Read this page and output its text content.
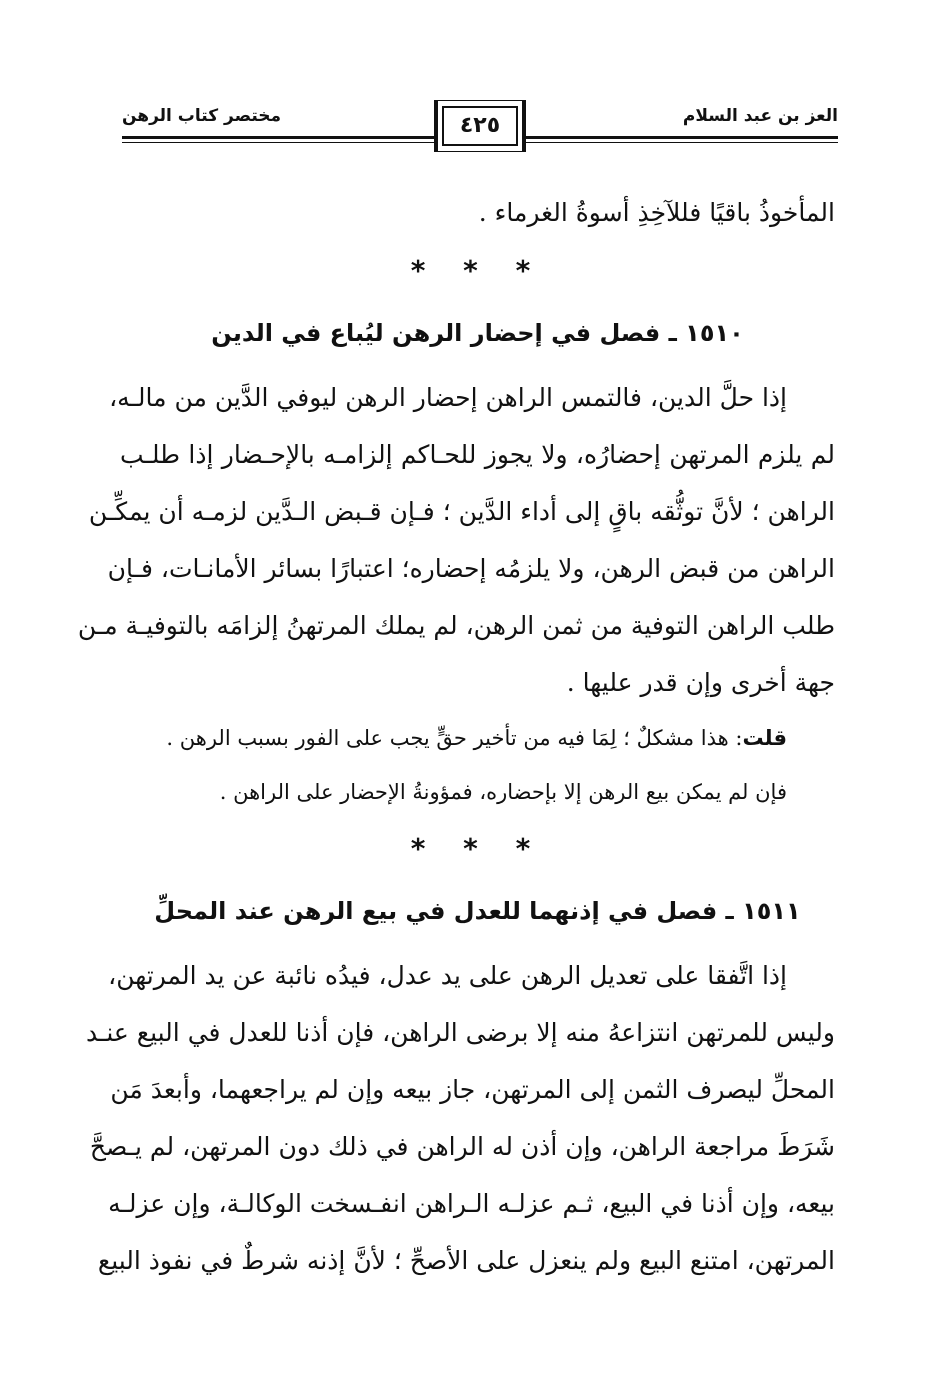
العز بن عبد السلام
مختصر كتاب الرهن	٤٢٥
المأخوذُ باقيًا فللآخِذِ أسوةُ الغرماء .
* * *
١٥١٠ ـ فصل في إحضار الرهن ليُباع في الدين
إذا حلَّ الدين، فالتمس الراهن إحضار الرهن ليوفي الدَّين من مالـه،
لم يلزم المرتهن إحضارُه، ولا يجوز للحـاكم إلزامـه بالإحـضار إذا طلـب
الراهن ؛ لأنَّ توثُّقه باقٍ إلى أداء الدَّين ؛ فـإن قـبض الـدَّين لزمـه أن يمكِّـن
الراهن من قبض الرهن، ولا يلزمُه إحضاره؛ اعتبارًا بسائر الأمانـات، فـإن
طلب الراهن التوفية من ثمن الرهن، لم يملك المرتهنُ إلزامَه بالتوفيـة مـن
جهة أخرى وإن قدر عليها .
قلت: هذا مشكلٌ ؛ لِمَا فيه من تأخير حقٍّ يجب على الفور بسبب الرهن .
فإن لم يمكن بيع الرهن إلا بإحضاره، فمؤونةُ الإحضار على الراهن .
* * *
١٥١١ ـ فصل في إذنهما للعدل في بيع الرهن عند المحلِّ
إذا اتَّفقا على تعديل الرهن على يد عدل، فيدُه نائبة عن يد المرتهن،
وليس للمرتهن انتزاعهُ منه إلا برضى الراهن، فإن أذنا للعدل في البيع عنـد
المحلِّ ليصرف الثمن إلى المرتهن، جاز بيعه وإن لم يراجعهما، وأبعدَ مَن
شَرَطَ مراجعة الراهن، وإن أذن له الراهن في ذلك دون المرتهن، لم يـصحَّ
بيعه، وإن أذنا في البيع، ثـم عزلـه الـراهن انفـسخت الوكالـة، وإن عزلـه
المرتهن، امتنع البيع ولم ينعزل على الأصحِّ ؛ لأنَّ إذنه شرطٌ في نفوذ البيع
